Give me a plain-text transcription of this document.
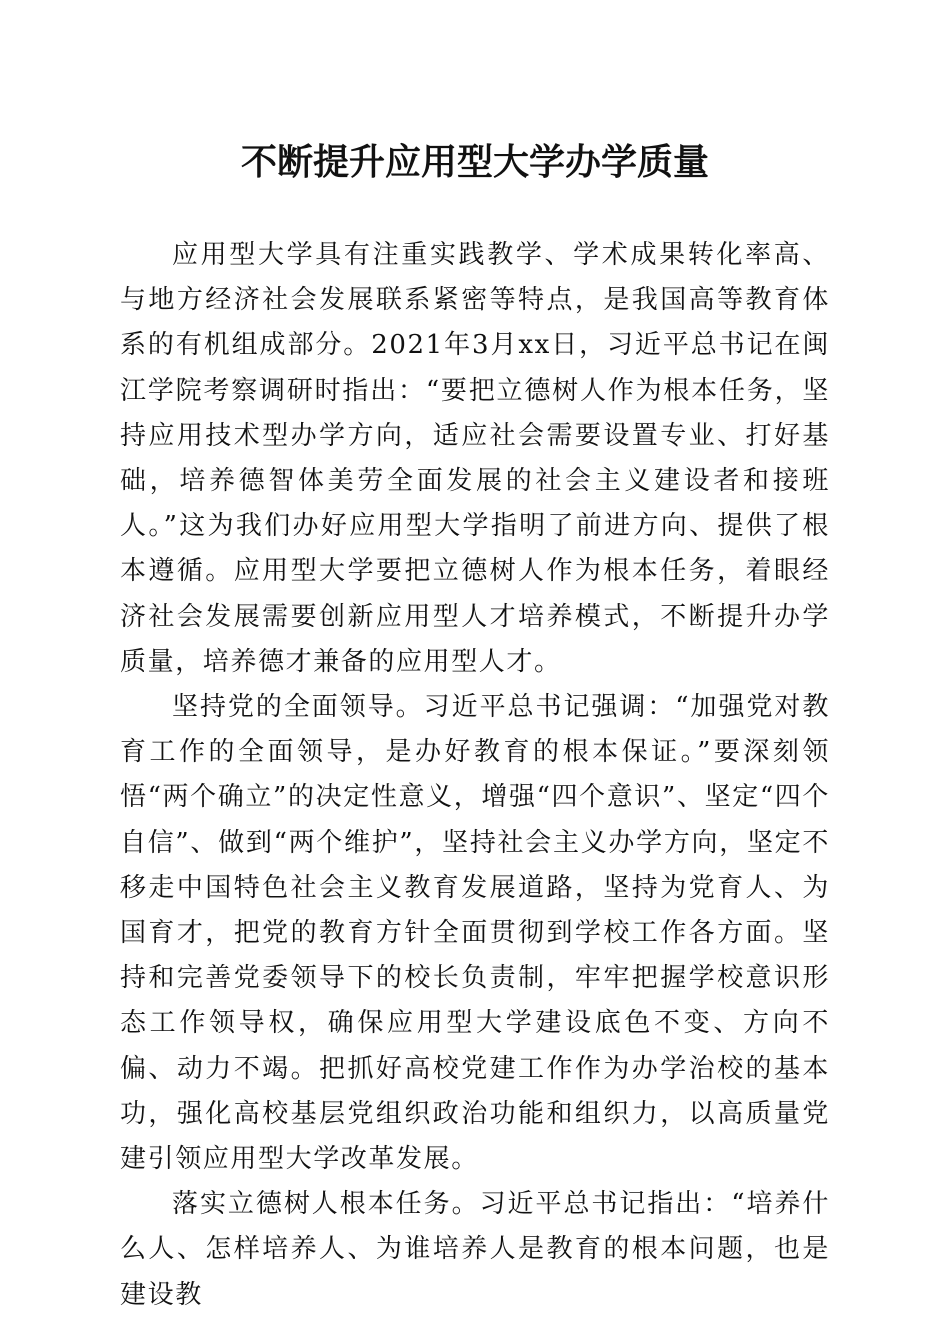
不断提升应用型大学办学质量

应用型大学具有注重实践教学、学术成果转化率高、与地方经济社会发展联系紧密等特点，是我国高等教育体系的有机组成部分。2021年3月xx日，习近平总书记在闽江学院考察调研时指出：“要把立德树人作为根本任务，坚持应用技术型办学方向，适应社会需要设置专业、打好基础，培养德智体美劳全面发展的社会主义建设者和接班人。”这为我们办好应用型大学指明了前进方向、提供了根本遵循。应用型大学要把立德树人作为根本任务，着眼经济社会发展需要创新应用型人才培养模式，不断提升办学质量，培养德才兼备的应用型人才。

坚持党的全面领导。习近平总书记强调：“加强党对教育工作的全面领导，是办好教育的根本保证。”要深刻领悟“两个确立”的决定性意义，增强“四个意识”、坚定“四个自信”、做到“两个维护”，坚持社会主义办学方向，坚定不移走中国特色社会主义教育发展道路，坚持为党育人、为国育才，把党的教育方针全面贯彻到学校工作各方面。坚持和完善党委领导下的校长负责制，牢牢把握学校意识形态工作领导权，确保应用型大学建设底色不变、方向不偏、动力不竭。把抓好高校党建工作作为办学治校的基本功，强化高校基层党组织政治功能和组织力，以高质量党建引领应用型大学改革发展。

落实立德树人根本任务。习近平总书记指出：“培养什么人、怎样培养人、为谁培养人是教育的根本问题，也是建设教
